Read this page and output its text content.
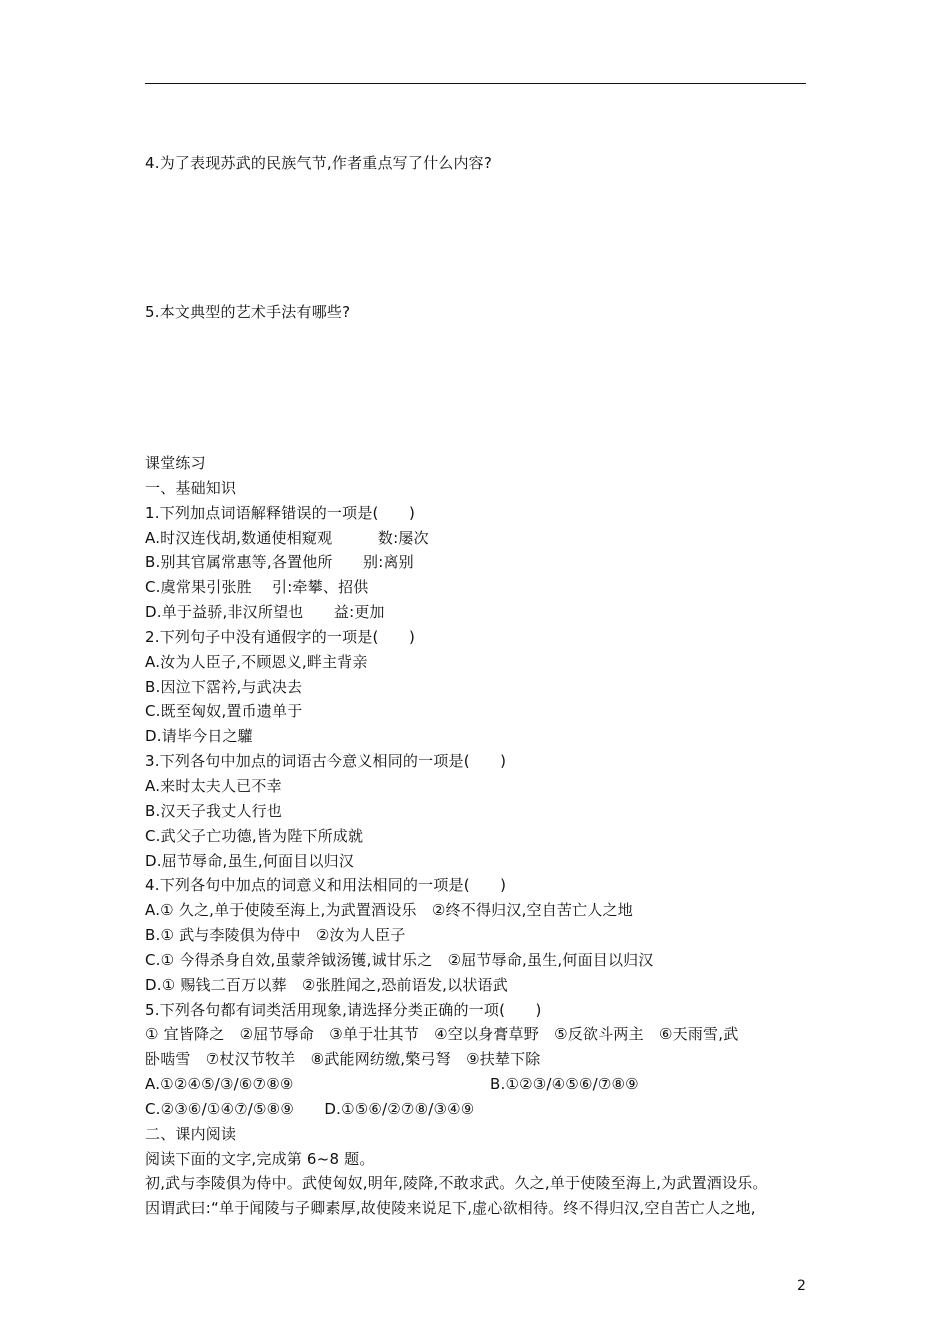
4.为了表现苏武的民族气节,作者重点写了什么内容?
5.本文典型的艺术手法有哪些?
课堂练习
一、基础知识
1.下列加点词语解释错误的一项是(　　)
A.时汉连伐胡,数通使相窥观　　　数:屡次
B.别其官属常惠等,各置他所　　别:离别
C.虞常果引张胜　 引:牵攀、招供
D.单于益骄,非汉所望也　　益:更加
2.下列句子中没有通假字的一项是(　　)
A.汝为人臣子,不顾恩义,畔主背亲
B.因泣下霑衿,与武决去
C.既至匈奴,置币遗单于
D.请毕今日之驩
3.下列各句中加点的词语古今意义相同的一项是(　　)
A.来时太夫人已不幸
B.汉天子我丈人行也
C.武父子亡功德,皆为陛下所成就
D.屈节辱命,虽生,何面目以归汉
4.下列各句中加点的词意义和用法相同的一项是(　　)
A.① 久之,单于使陵至海上,为武置酒设乐　②终不得归汉,空自苦亡人之地
B.① 武与李陵俱为侍中　②汝为人臣子
C.① 今得杀身自效,虽蒙斧钺汤镬,诚甘乐之　②屈节辱命,虽生,何面目以归汉
D.① 赐钱二百万以葬　②张胜闻之,恐前语发,以状语武
5.下列各句都有词类活用现象,请选择分类正确的一项(　　)
① 宜皆降之　②屈节辱命　③单于壮其节　④空以身膏草野　⑤反欲斗两主　⑥天雨雪,武
卧啮雪　⑦杖汉节牧羊　⑧武能网纺缴,檠弓弩　⑨扶辇下除
A.①②④⑤/③/⑥⑦⑧⑨	B.①②③/④⑤⑥/⑦⑧⑨
C.②③⑥/①④⑦/⑤⑧⑨　　D.①⑤⑥/②⑦⑧/③④⑨
二、课内阅读
阅读下面的文字,完成第 6~8 题。
初,武与李陵俱为侍中。武使匈奴,明年,陵降,不敢求武。久之,单于使陵至海上,为武置酒设乐。
因谓武曰:“单于闻陵与子卿素厚,故使陵来说足下,虚心欲相待。终不得归汉,空自苦亡人之地,
2
